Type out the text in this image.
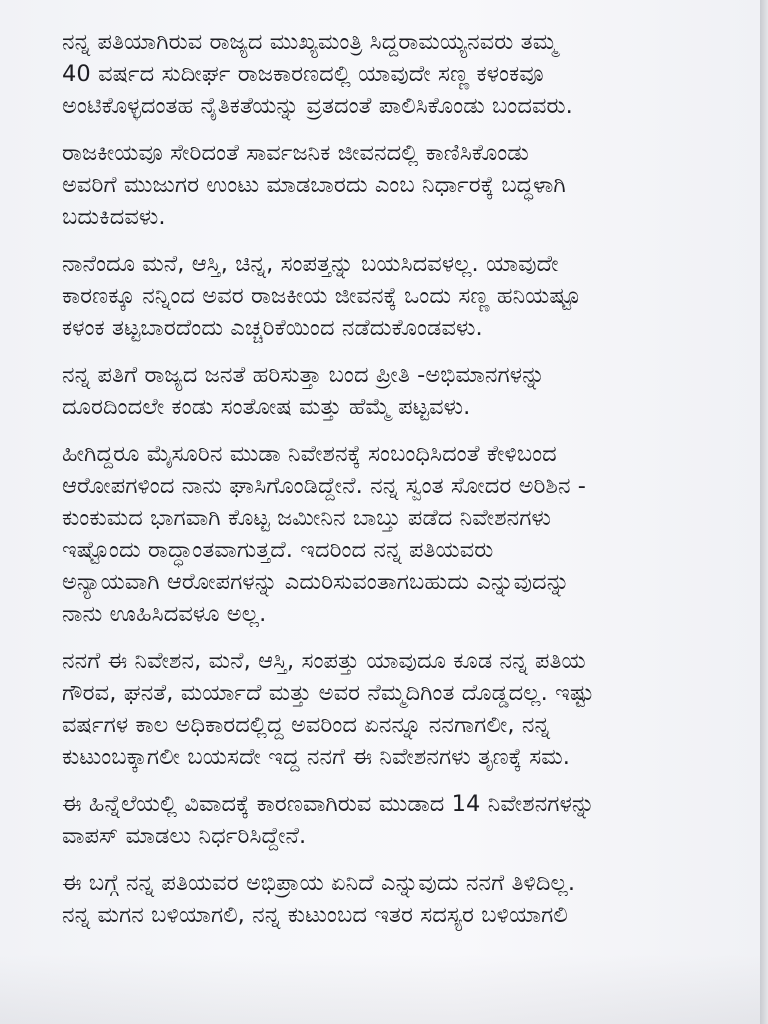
ನನ್ನ ಪತಿಯಾಗಿರುವ ರಾಜ್ಯದ ಮುಖ್ಯಮಂತ್ರಿ ಸಿದ್ದರಾಮಯ್ಯನವರು ತಮ್ಮ
40 ವರ್ಷದ ಸುದೀರ್ಘ ರಾಜಕಾರಣದಲ್ಲಿ ಯಾವುದೇ ಸಣ್ಣ ಕಳಂಕವೂ
ಅಂಟಿಕೊಳ್ಳದಂತಹ ನೈತಿಕತೆಯನ್ನು ವ್ರತದಂತೆ ಪಾಲಿಸಿಕೊಂಡು ಬಂದವರು.

ರಾಜಕೀಯವೂ ಸೇರಿದಂತೆ ಸಾರ್ವಜನಿಕ ಜೀವನದಲ್ಲಿ ಕಾಣಿಸಿಕೊಂಡು
ಅವರಿಗೆ ಮುಜುಗರ ಉಂಟು ಮಾಡಬಾರದು ಎಂಬ ನಿರ್ಧಾರಕ್ಕೆ ಬದ್ಧಳಾಗಿ
ಬದುಕಿದವಳು.

ನಾನೆಂದೂ ಮನೆ, ಆಸ್ತಿ, ಚಿನ್ನ, ಸಂಪತ್ತನ್ನು ಬಯಸಿದವಳಲ್ಲ. ಯಾವುದೇ
ಕಾರಣಕ್ಕೂ ನನ್ನಿಂದ ಅವರ ರಾಜಕೀಯ ಜೀವನಕ್ಕೆ ಒಂದು ಸಣ್ಣ ಹನಿಯಷ್ಟೂ
ಕಳಂಕ ತಟ್ಟಬಾರದೆಂದು ಎಚ್ಚರಿಕೆಯಿಂದ ನಡೆದುಕೊಂಡವಳು.

ನನ್ನ ಪತಿಗೆ ರಾಜ್ಯದ ಜನತೆ ಹರಿಸುತ್ತಾ ಬಂದ ಪ್ರೀತಿ -ಅಭಿಮಾನಗಳನ್ನು
ದೂರದಿಂದಲೇ ಕಂಡು ಸಂತೋಷ ಮತ್ತು ಹೆಮ್ಮೆ ಪಟ್ಟವಳು.

ಹೀಗಿದ್ದರೂ ಮೈಸೂರಿನ ಮುಡಾ ನಿವೇಶನಕ್ಕೆ ಸಂಬಂಧಿಸಿದಂತೆ ಕೇಳಿಬಂದ
ಆರೋಪಗಳಿಂದ ನಾನು ಘಾಸಿಗೊಂಡಿದ್ದೇನೆ. ನನ್ನ ಸ್ವಂತ ಸೋದರ ಅರಿಶಿನ -
ಕುಂಕುಮದ ಭಾಗವಾಗಿ ಕೊಟ್ಟ ಜಮೀನಿನ ಬಾಬ್ತು ಪಡೆದ ನಿವೇಶನಗಳು
ಇಷ್ಟೊಂದು ರಾದ್ಧಾಂತವಾಗುತ್ತದೆ. ಇದರಿಂದ ನನ್ನ ಪತಿಯವರು
ಅನ್ಯಾಯವಾಗಿ ಆರೋಪಗಳನ್ನು ಎದುರಿಸುವಂತಾಗಬಹುದು ಎನ್ನುವುದನ್ನು
ನಾನು ಊಹಿಸಿದವಳೂ ಅಲ್ಲ.

ನನಗೆ ಈ ನಿವೇಶನ, ಮನೆ, ಆಸ್ತಿ, ಸಂಪತ್ತು ಯಾವುದೂ ಕೂಡ ನನ್ನ ಪತಿಯ
ಗೌರವ, ಘನತೆ, ಮರ್ಯಾದೆ ಮತ್ತು ಅವರ ನೆಮ್ಮದಿಗಿಂತ ದೊಡ್ಡದಲ್ಲ. ಇಷ್ಟು
ವರ್ಷಗಳ ಕಾಲ ಅಧಿಕಾರದಲ್ಲಿದ್ದ ಅವರಿಂದ ಏನನ್ನೂ ನನಗಾಗಲೀ, ನನ್ನ
ಕುಟುಂಬಕ್ಕಾಗಲೀ ಬಯಸದೇ ಇದ್ದ ನನಗೆ ಈ ನಿವೇಶನಗಳು ತೃಣಕ್ಕೆ ಸಮ.

ಈ ಹಿನ್ನೆಲೆಯಲ್ಲಿ ವಿವಾದಕ್ಕೆ ಕಾರಣವಾಗಿರುವ ಮುಡಾದ 14 ನಿವೇಶನಗಳನ್ನು
ವಾಪಸ್ ಮಾಡಲು ನಿರ್ಧರಿಸಿದ್ದೇನೆ.

ಈ ಬಗ್ಗೆ ನನ್ನ ಪತಿಯವರ ಅಭಿಪ್ರಾಯ ಏನಿದೆ ಎನ್ನುವುದು ನನಗೆ ತಿಳಿದಿಲ್ಲ.
ನನ್ನ ಮಗನ ಬಳಿಯಾಗಲಿ, ನನ್ನ ಕುಟುಂಬದ ಇತರ ಸದಸ್ಯರ ಬಳಿಯಾಗಲಿ
